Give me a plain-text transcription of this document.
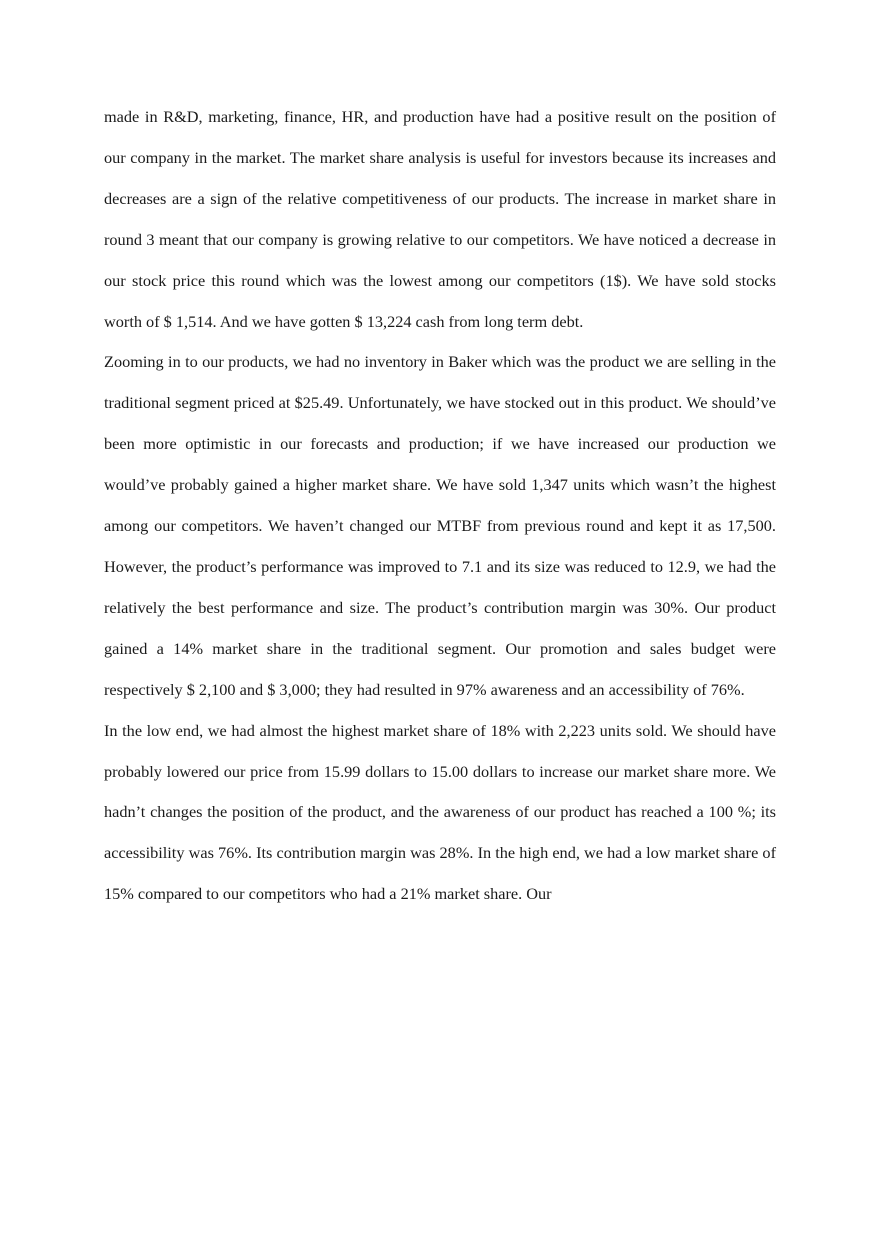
made in R&D, marketing, finance, HR, and production have had a positive result on the position of our company in the market. The market share analysis is useful for investors because its increases and decreases are a sign of the relative competitiveness of our products. The increase in market share in round 3 meant that our company is growing relative to our competitors. We have noticed a decrease in our stock price this round which was the lowest among our competitors (1$). We have sold stocks worth of $ 1,514. And we have gotten $ 13,224 cash from long term debt.

Zooming in to our products, we had no inventory in Baker which was the product we are selling in the traditional segment priced at $25.49. Unfortunately, we have stocked out in this product. We should’ve been more optimistic in our forecasts and production; if we have increased our production we would’ve probably gained a higher market share. We have sold 1,347 units which wasn’t the highest among our competitors. We haven’t changed our MTBF from previous round and kept it as 17,500. However, the product’s performance was improved to 7.1 and its size was reduced to 12.9, we had the relatively the best performance and size. The product’s contribution margin was 30%. Our product gained a 14% market share in the traditional segment. Our promotion and sales budget were respectively $ 2,100 and $ 3,000; they had resulted in 97% awareness and an accessibility of 76%.

In the low end, we had almost the highest market share of 18% with 2,223 units sold. We should have probably lowered our price from 15.99 dollars to 15.00 dollars to increase our market share more. We hadn’t changes the position of the product, and the awareness of our product has reached a 100 %; its accessibility was 76%. Its contribution margin was 28%. In the high end, we had a low market share of 15% compared to our competitors who had a 21% market share. Our
